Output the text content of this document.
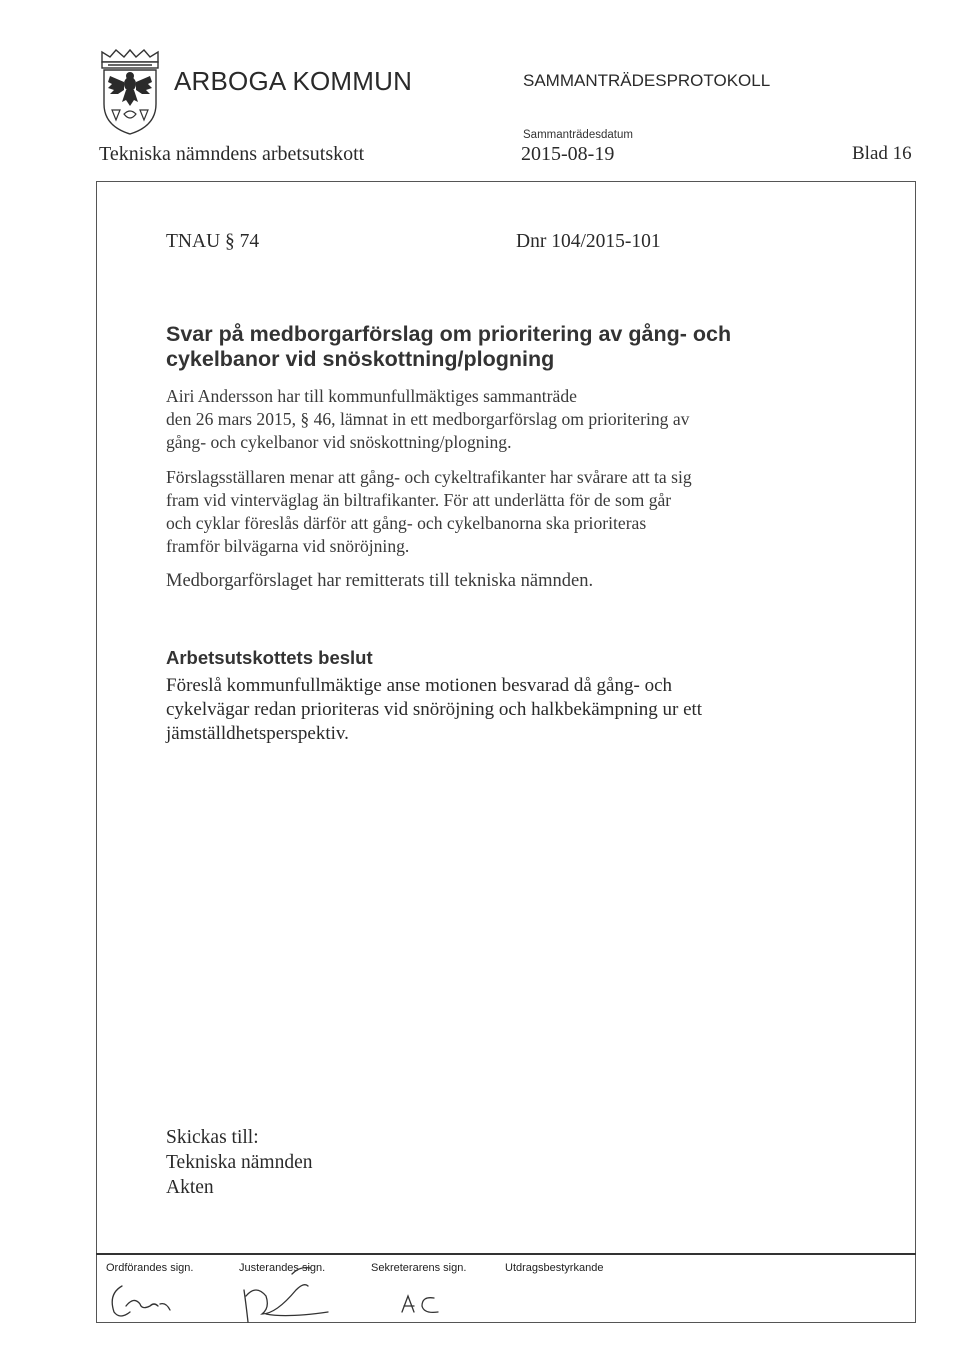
ARBOGA KOMMUN	SAMMANTRÄDESPROTOKOLL
Sammanträdesdatum
Tekniska nämndens arbetsutskott	2015-08-19	Blad 16
TNAU § 74	Dnr 104/2015-101
Svar på medborgarförslag om prioritering av gång- och cykelbanor vid snöskottning/plogning
Airi Andersson har till kommunfullmäktiges sammanträde
den 26 mars 2015, § 46, lämnat in ett medborgarförslag om prioritering av
gång- och cykelbanor vid snöskottning/plogning.
Förslagsställaren menar att gång- och cykeltrafikanter har svårare att ta sig
fram vid vinterväglag än biltrafikanter. För att underlätta för de som går
och cyklar föreslås därför att gång- och cykelbanorna ska prioriteras
framför bilvägarna vid snöröjning.
Medborgarförslaget har remitterats till tekniska nämnden.
Arbetsutskottets beslut
Föreslå kommunfullmäktige anse motionen besvarad då gång- och
cykelvägar redan prioriteras vid snöröjning och halkbekämpning ur ett
jämställdhetsperspektiv.
Skickas till:
Tekniska nämnden
Akten
Ordförandes sign.	Justerandes sign.	Sekreterarens sign.	Utdragsbestyrkande
